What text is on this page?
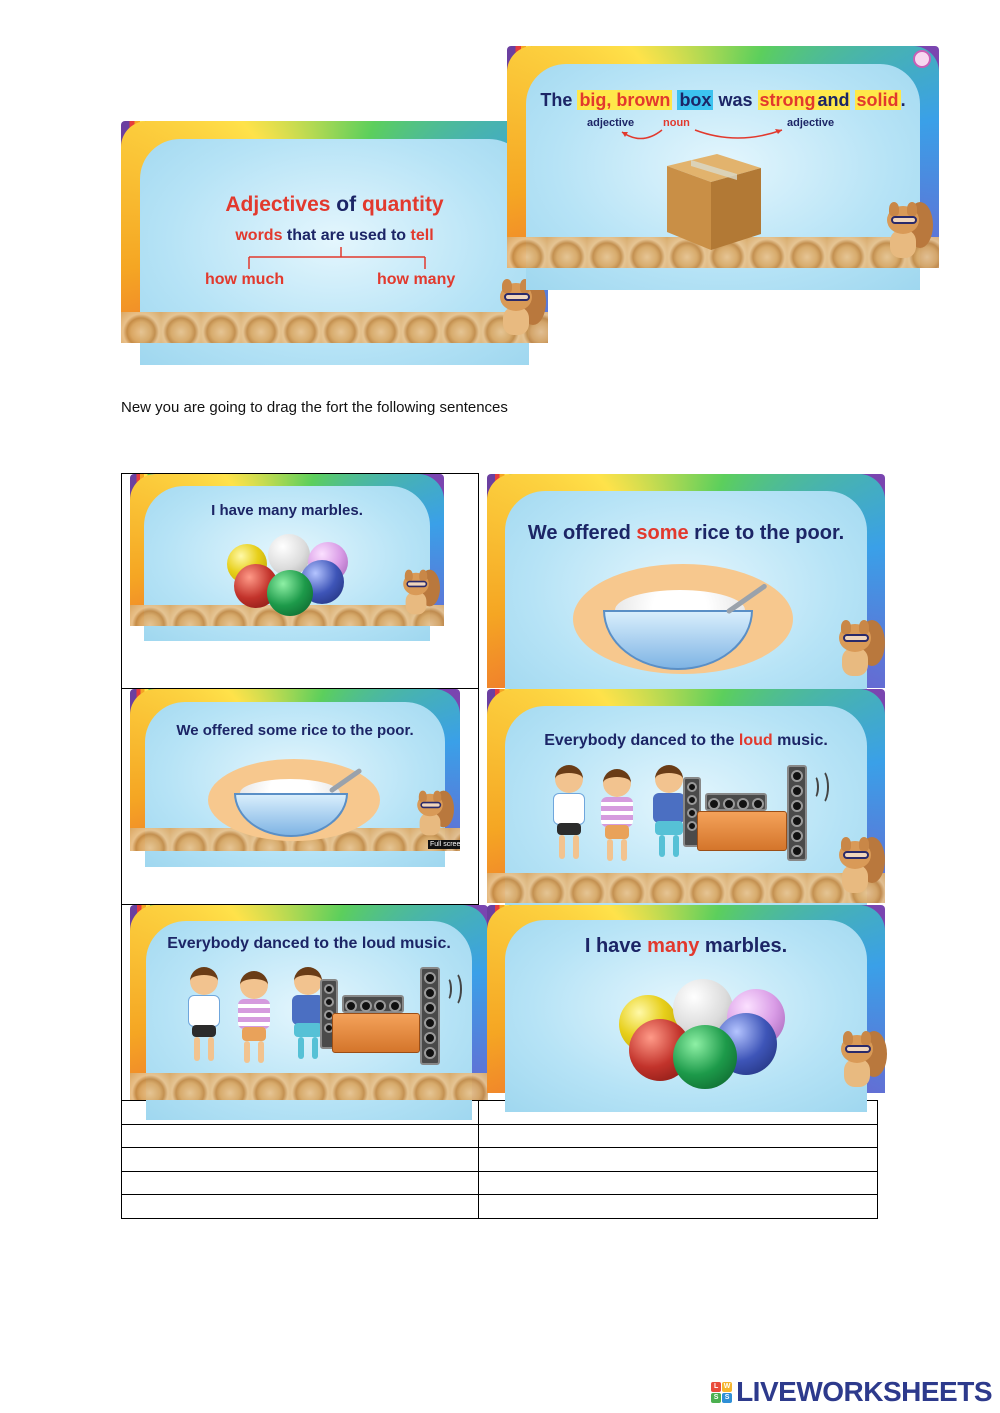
Adjectives of quantity
words that are used to tell
how much	how many
The big, brown box was strong and solid .
adjective	noun	adjective
New you are going to drag the fort the following sentences
I have many marbles.
We offered some rice to the poor.
We offered some rice to the poor.
Full screen
Everybody danced to the loud music.
Everybody danced to the loud music.	I have many marbles.
L W
S S LIVEWORKSHEETS
